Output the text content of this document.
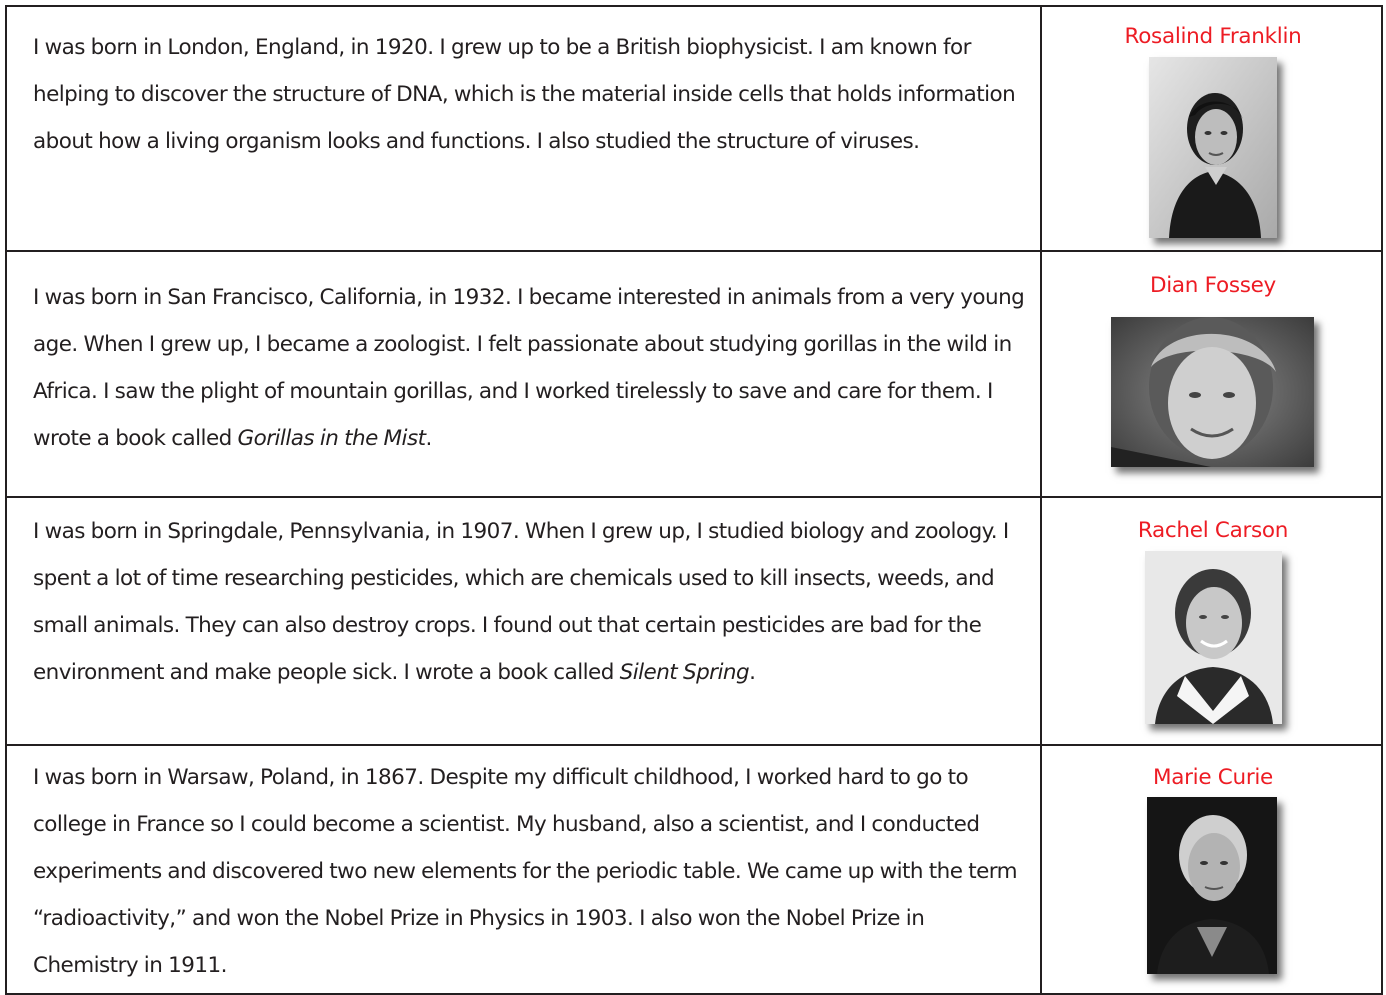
I was born in London, England, in 1920. I grew up to be a British biophysicist. I am known for helping to discover the structure of DNA, which is the material inside cells that holds information about how a living organism looks and functions. I also studied the structure of viruses.

Rosalind Franklin

I was born in San Francisco, California, in 1932. I became interested in animals from a very young age. When I grew up, I became a zoologist. I felt passionate about studying gorillas in the wild in Africa. I saw the plight of mountain gorillas, and I worked tirelessly to save and care for them. I wrote a book called Gorillas in the Mist.

Dian Fossey

I was born in Springdale, Pennsylvania, in 1907. When I grew up, I studied biology and zoology. I spent a lot of time researching pesticides, which are chemicals used to kill insects, weeds, and small animals. They can also destroy crops. I found out that certain pesticides are bad for the environment and make people sick. I wrote a book called Silent Spring.

Rachel Carson

I was born in Warsaw, Poland, in 1867. Despite my difficult childhood, I worked hard to go to college in France so I could become a scientist. My husband, also a scientist, and I conducted experiments and discovered two new elements for the periodic table. We came up with the term “radioactivity,” and won the Nobel Prize in Physics in 1903. I also won the Nobel Prize in Chemistry in 1911.

Marie Curie
